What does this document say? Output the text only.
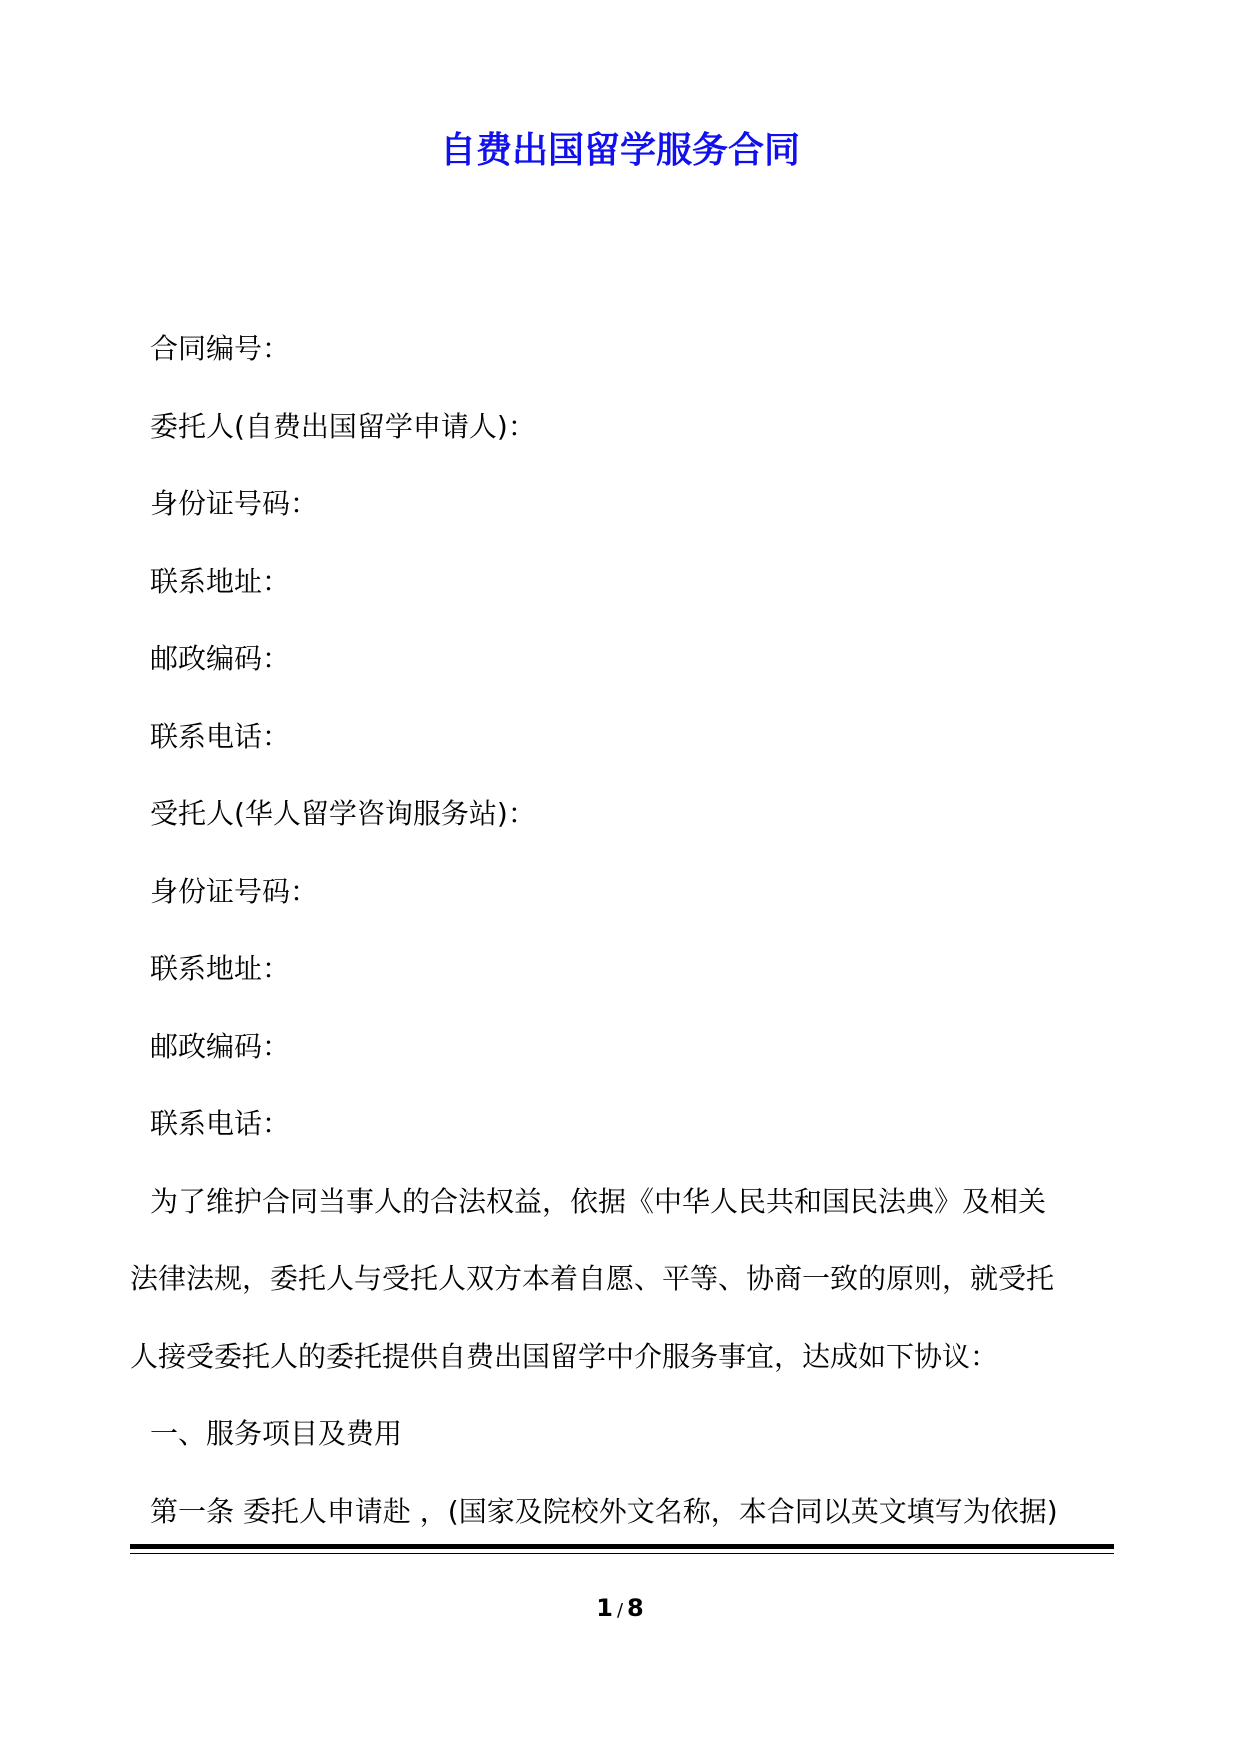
自费出国留学服务合同
合同编号：
委托人(自费出国留学申请人)：
身份证号码：
联系地址：
邮政编码：
联系电话：
受托人(华人留学咨询服务站)：
身份证号码：
联系地址：
邮政编码：
联系电话：
为了维护合同当事人的合法权益，依据《中华人民共和国民法典》及相关
法律法规，委托人与受托人双方本着自愿、平等、协商一致的原则，就受托
人接受委托人的委托提供自费出国留学中介服务事宜，达成如下协议：
一、服务项目及费用
第一条 委托人申请赴 ，(国家及院校外文名称，本合同以英文填写为依据)
1 / 8
